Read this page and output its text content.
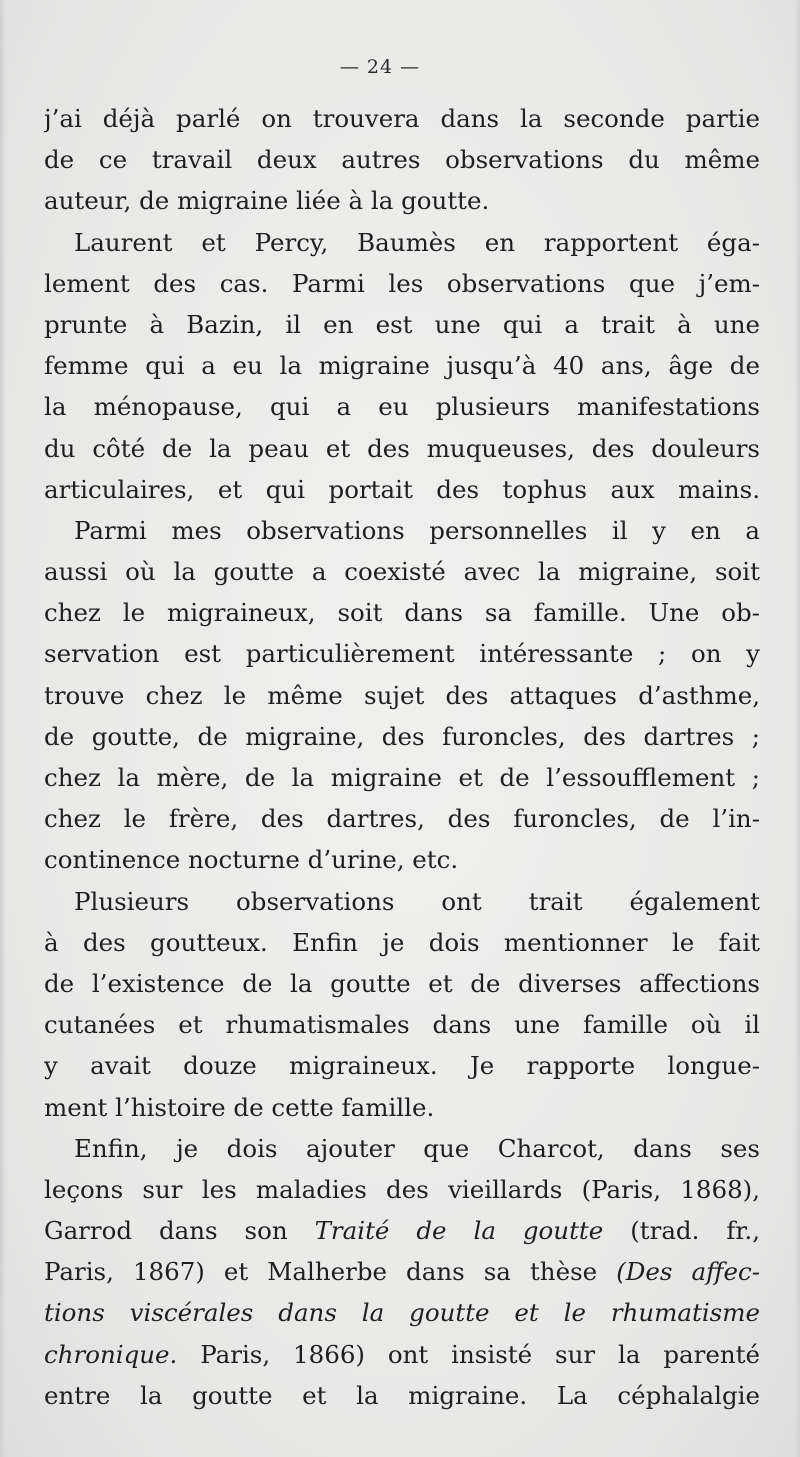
— 24 —
j’ai déjà parlé on trouvera dans la seconde partie
de ce travail deux autres observations du même
auteur, de migraine liée à la goutte.
Laurent et Percy, Baumès en rapportent éga-
lement des cas. Parmi les observations que j’em-
prunte à Bazin, il en est une qui a trait à une
femme qui a eu la migraine jusqu’à 40 ans, âge de
la ménopause, qui a eu plusieurs manifestations
du côté de la peau et des muqueuses, des douleurs
articulaires, et qui portait des tophus aux mains.
Parmi mes observations personnelles il y en a
aussi où la goutte a coexisté avec la migraine, soit
chez le migraineux, soit dans sa famille. Une ob-
servation est particulièrement intéressante ; on y
trouve chez le même sujet des attaques d’asthme,
de goutte, de migraine, des furoncles, des dartres ;
chez la mère, de la migraine et de l’essoufflement ;
chez le frère, des dartres, des furoncles, de l’in-
continence nocturne d’urine, etc.
Plusieurs observations ont trait également
à des goutteux. Enfin je dois mentionner le fait
de l’existence de la goutte et de diverses affections
cutanées et rhumatismales dans une famille où il
y avait douze migraineux. Je rapporte longue-
ment l’histoire de cette famille.
Enfin, je dois ajouter que Charcot, dans ses
leçons sur les maladies des vieillards (Paris, 1868),
Garrod dans son Traité de la goutte (trad. fr.,
Paris, 1867) et Malherbe dans sa thèse (Des affec-
tions viscérales dans la goutte et le rhumatisme
chronique. Paris, 1866) ont insisté sur la parenté
entre la goutte et la migraine. La céphalalgie
